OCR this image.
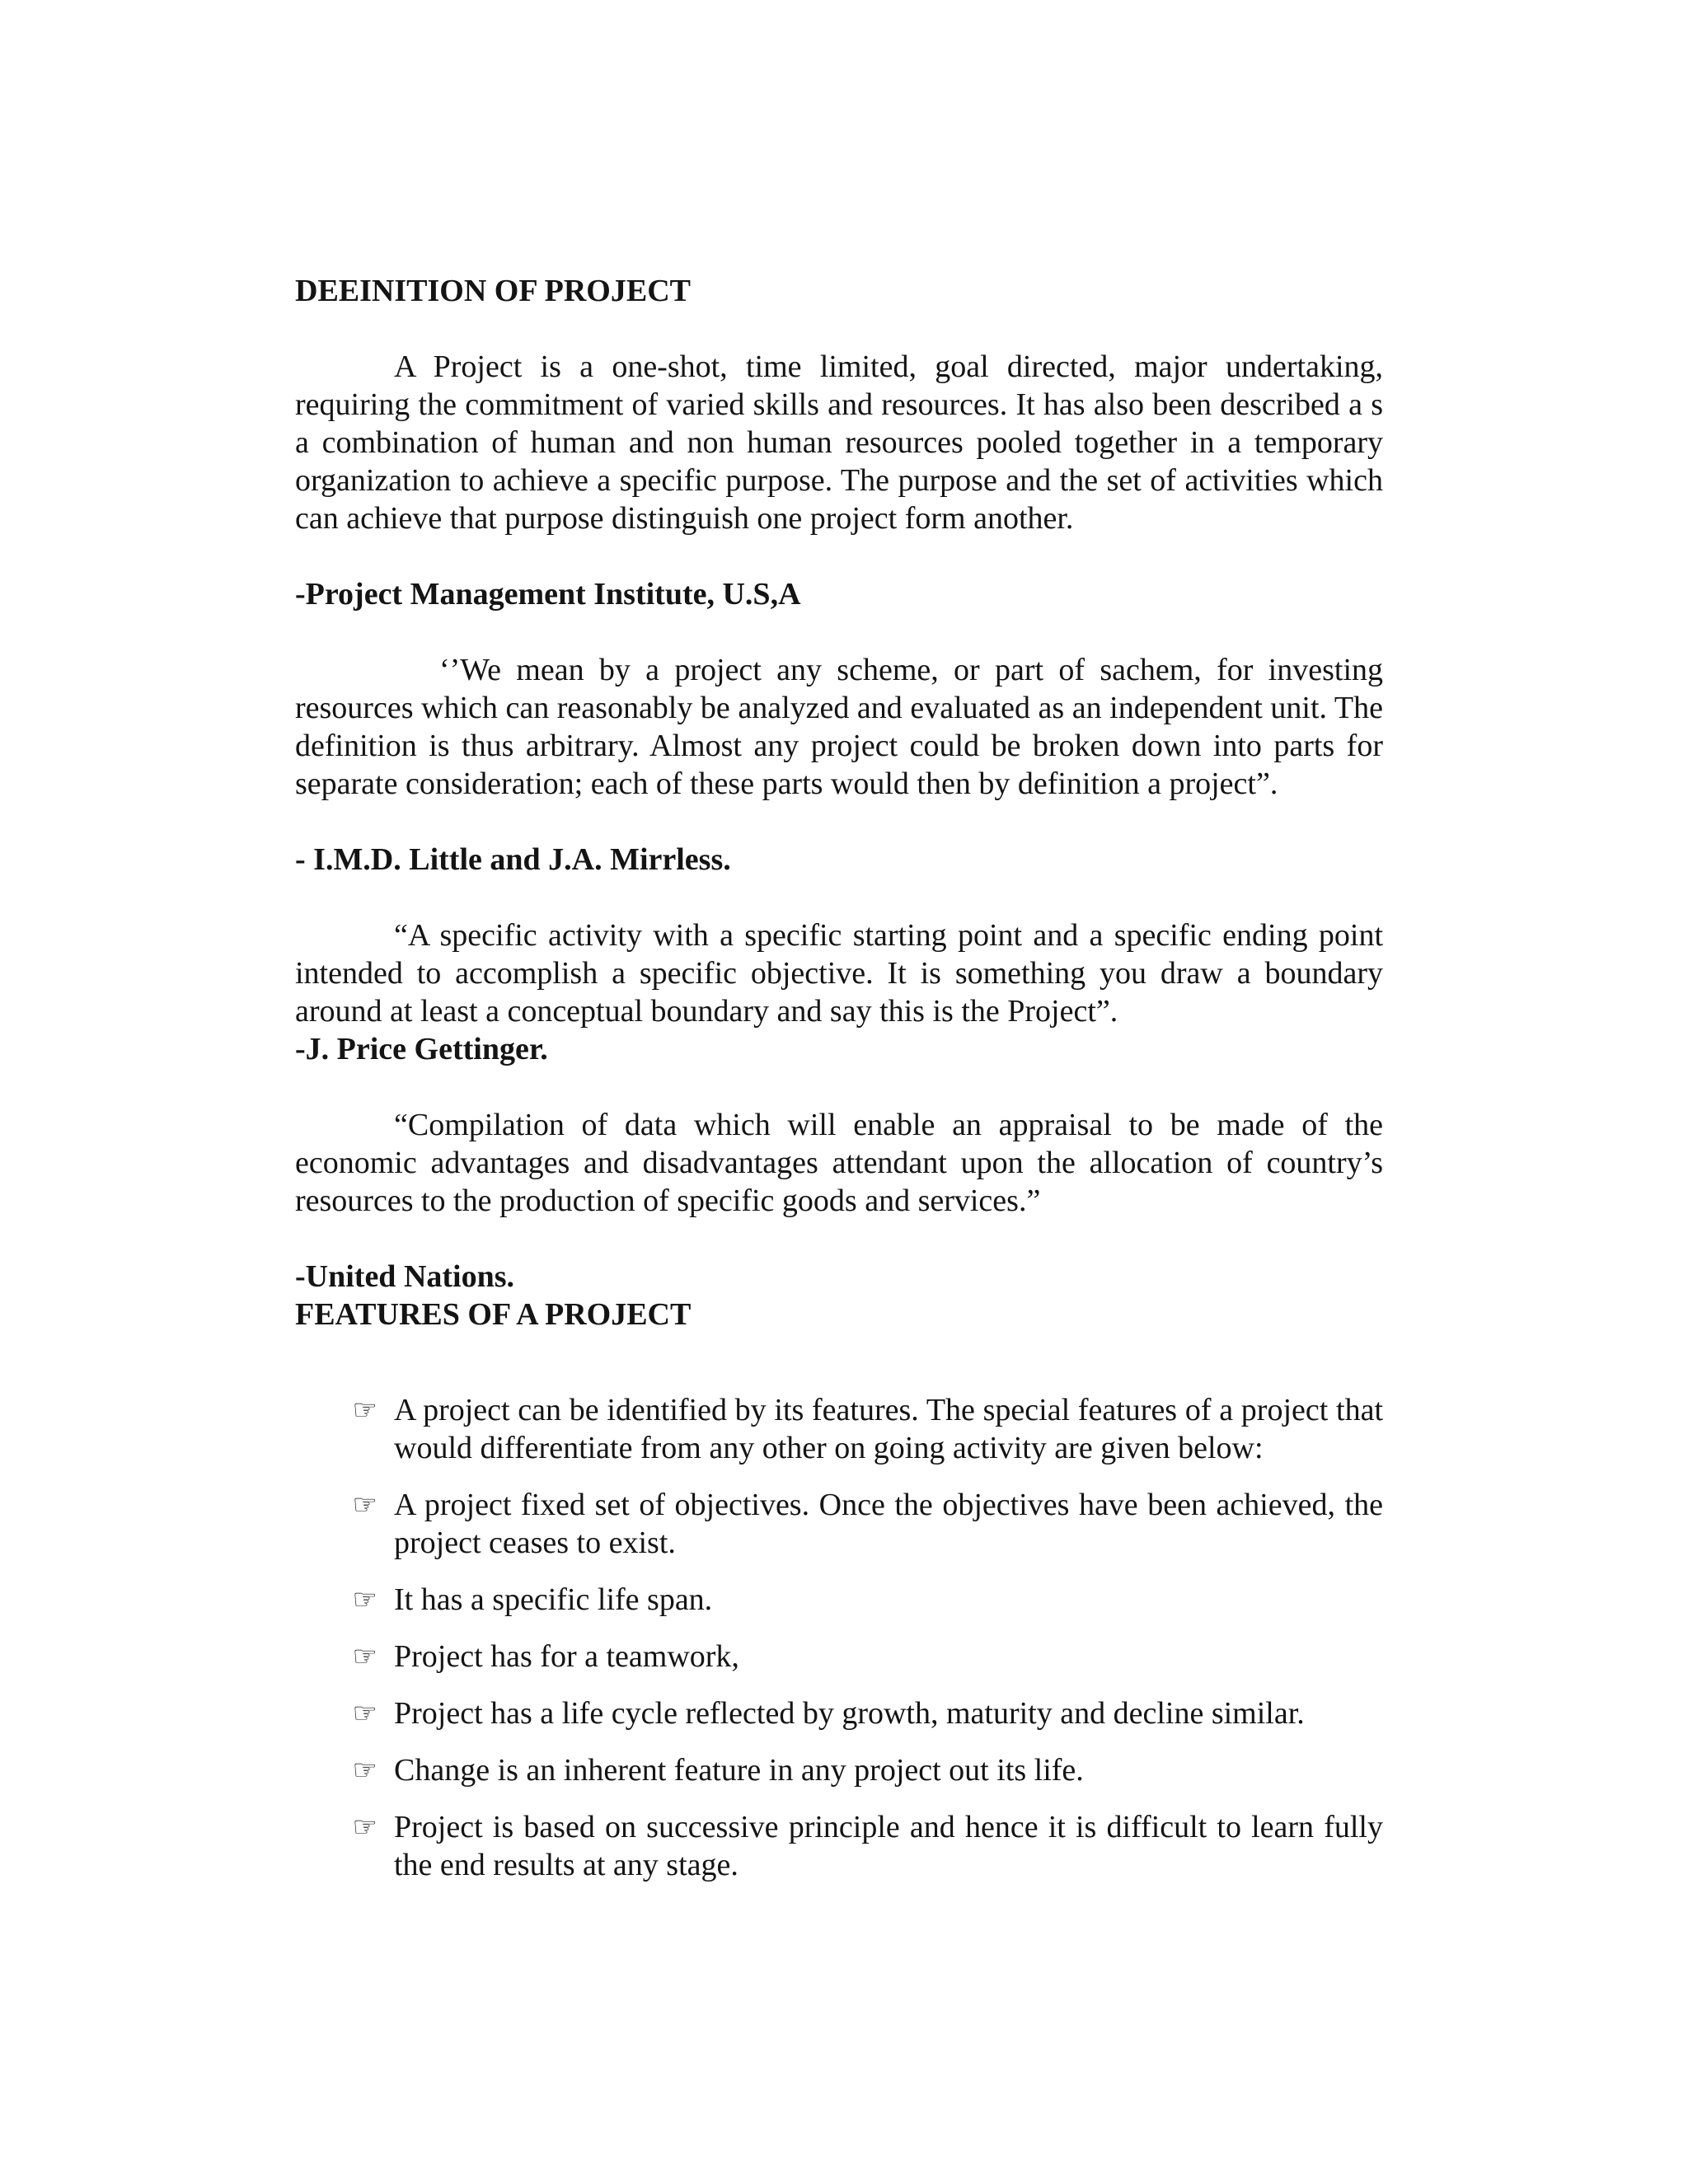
DEEINITION OF PROJECT

A Project is a one-shot, time limited, goal directed, major undertaking, requiring the commitment of varied skills and resources. It has also been described a s a combination of human and non human resources pooled together in a temporary organization to achieve a specific purpose. The purpose and the set of activities which can achieve that purpose distinguish one project form another.

-Project Management Institute, U.S,A

‘’We mean by a project any scheme, or part of sachem, for investing resources which can reasonably be analyzed and evaluated as an independent unit. The definition is thus arbitrary. Almost any project could be broken down into parts for separate consideration; each of these parts would then by definition a project”.

- I.M.D. Little and J.A. Mirrless.

“A specific activity with a specific starting point and a specific ending point intended to accomplish a specific objective. It is something you draw a boundary around at least a conceptual boundary and say this is the Project”.

-J. Price Gettinger.

“Compilation of data which will enable an appraisal to be made of the economic advantages and disadvantages attendant upon the allocation of country’s resources to the production of specific goods and services.”

-United Nations.

FEATURES OF A PROJECT

☞ A project can be identified by its features. The special features of a project that would differentiate from any other on going activity are given below:
☞ A project fixed set of objectives. Once the objectives have been achieved, the project ceases to exist.
☞ It has a specific life span.
☞ Project has for a teamwork,
☞ Project has a life cycle reflected by growth, maturity and decline similar.
☞ Change is an inherent feature in any project out its life.
☞ Project is based on successive principle and hence it is difficult to learn fully the end results at any stage.
